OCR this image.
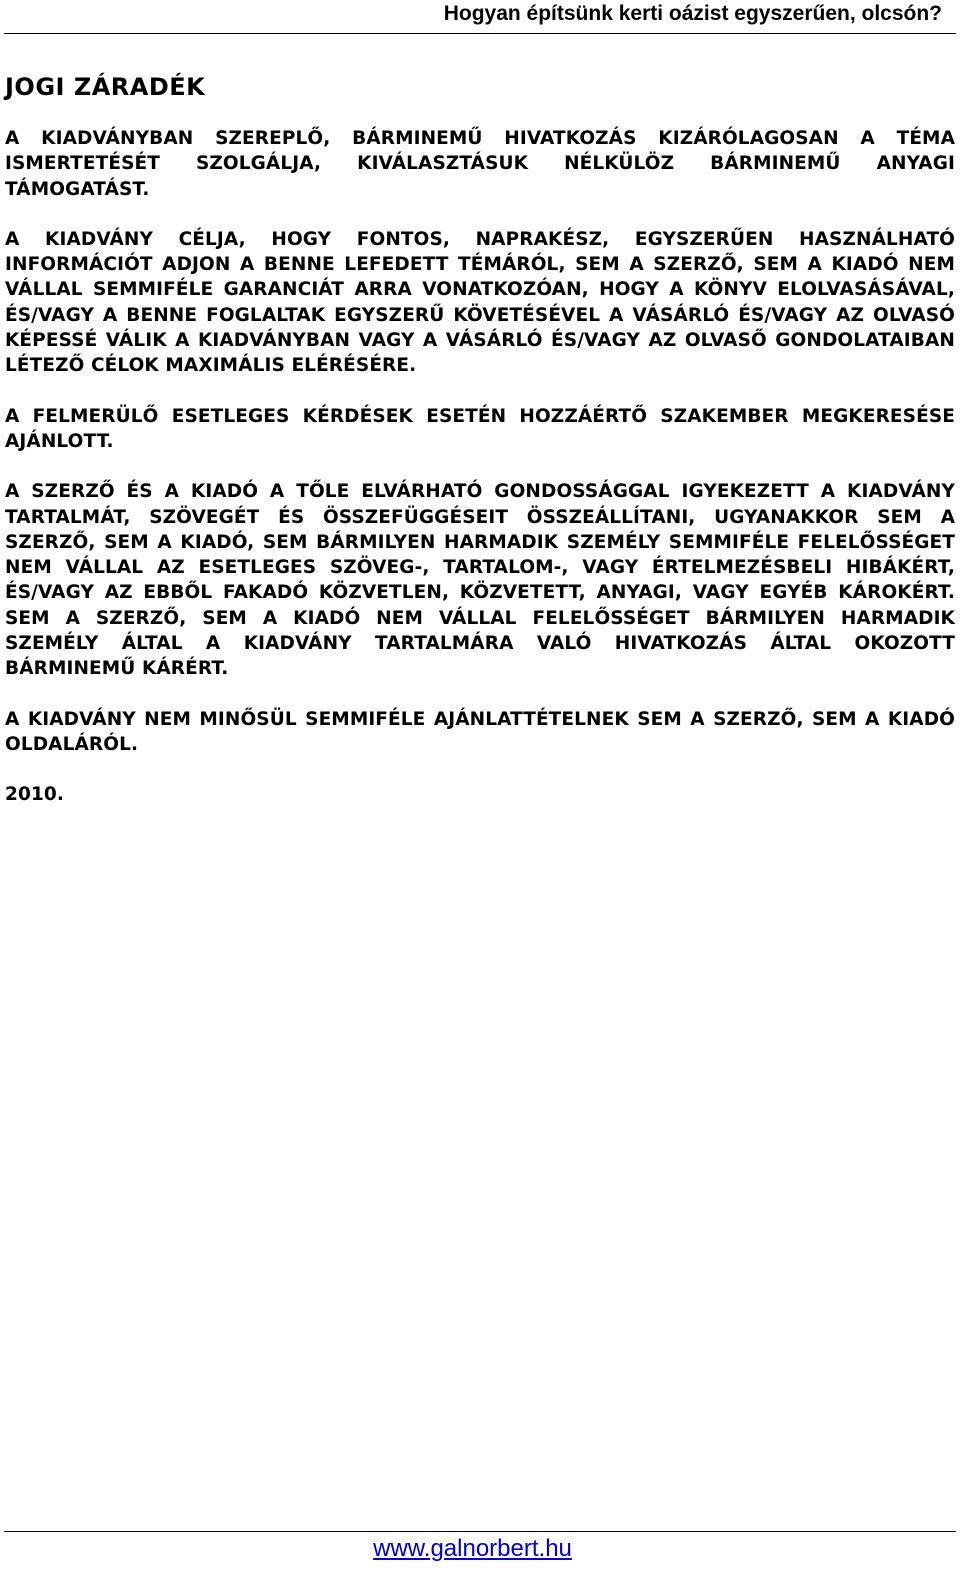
Hogyan építsünk kerti oázist egyszerűen, olcsón?
JOGI ZÁRADÉK

A KIADVÁNYBAN SZEREPLŐ, BÁRMINEMŰ HIVATKOZÁS KIZÁRÓLAGOSAN A TÉMA ISMERTETÉSÉT SZOLGÁLJA, KIVÁLASZTÁSUK NÉLKÜLÖZ BÁRMINEMŰ ANYAGI TÁMOGATÁST.

A KIADVÁNY CÉLJA, HOGY FONTOS, NAPRAKÉSZ, EGYSZERŰEN HASZNÁLHATÓ INFORMÁCIÓT ADJON A BENNE LEFEDETT TÉMÁRÓL, SEM A SZERZŐ, SEM A KIADÓ NEM VÁLLAL SEMMIFÉLE GARANCIÁT ARRA VONATKOZÓAN, HOGY A KÖNYV ELOLVASÁSÁVAL, ÉS/VAGY A BENNE FOGLALTAK EGYSZERŰ KÖVETÉSÉVEL A VÁSÁRLÓ ÉS/VAGY AZ OLVASÓ KÉPESSÉ VÁLIK A KIADVÁNYBAN VAGY A VÁSÁRLÓ ÉS/VAGY AZ OLVASŐ GONDOLATAIBAN LÉTEZŐ CÉLOK MAXIMÁLIS ELÉRÉSÉRE.

A FELMERÜLŐ ESETLEGES KÉRDÉSEK ESETÉN HOZZÁÉRTŐ SZAKEMBER MEGKERESÉSE AJÁNLOTT.

A SZERZŐ ÉS A KIADÓ A TŐLE ELVÁRHATÓ GONDOSSÁGGAL IGYEKEZETT A KIADVÁNY TARTALMÁT, SZÖVEGÉT ÉS ÖSSZEFÜGGÉSEIT ÖSSZEÁLLÍTANI, UGYANAKKOR SEM A SZERZŐ, SEM A KIADÓ, SEM BÁRMILYEN HARMADIK SZEMÉLY SEMMIFÉLE FELELŐSSÉGET NEM VÁLLAL AZ ESETLEGES SZÖVEG-, TARTALOM-, VAGY ÉRTELMEZÉSBELI HIBÁKÉRT, ÉS/VAGY AZ EBBŐL FAKADÓ KÖZVETLEN, KÖZVETETT, ANYAGI, VAGY EGYÉB KÁROKÉRT. SEM A SZERZŐ, SEM A KIADÓ NEM VÁLLAL FELELŐSSÉGET BÁRMILYEN HARMADIK SZEMÉLY ÁLTAL A KIADVÁNY TARTALMÁRA VALÓ HIVATKOZÁS ÁLTAL OKOZOTT BÁRMINEMŰ KÁRÉRT.

A KIADVÁNY NEM MINŐSÜL SEMMIFÉLE AJÁNLATTÉTELNEK SEM A SZERZŐ, SEM A KIADÓ OLDALÁRÓL.

2010.

www.galnorbert.hu
